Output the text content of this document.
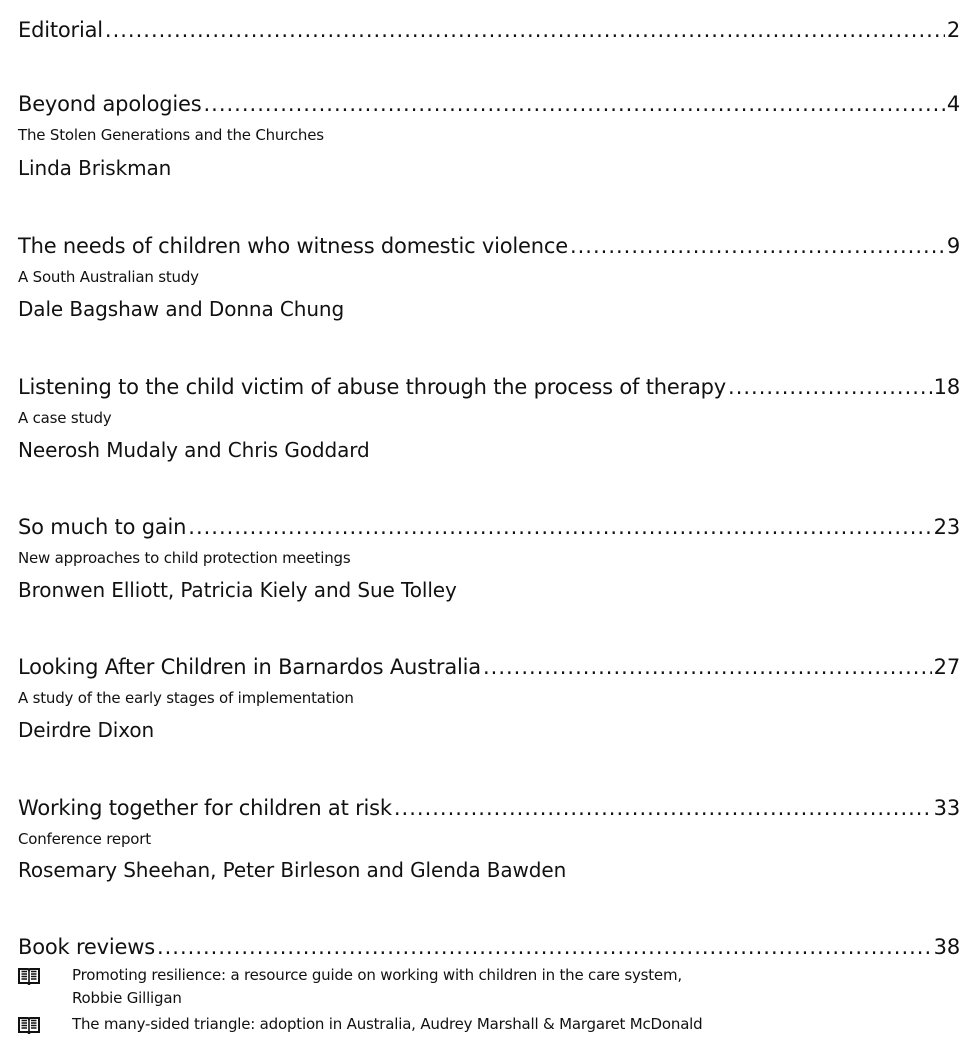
Editorial .....	2
Beyond apologies .....	4
The Stolen Generations and the Churches
Linda Briskman
The needs of children who witness domestic violence .....	9
A South Australian study
Dale Bagshaw and Donna Chung
Listening to the child victim of abuse through the process of therapy .....	18
A case study
Neerosh Mudaly and Chris Goddard
So much to gain .....	23
New approaches to child protection meetings
Bronwen Elliott, Patricia Kiely and Sue Tolley
Looking After Children in Barnardos Australia .....	27
A study of the early stages of implementation
Deirdre Dixon
Working together for children at risk .....	33
Conference report
Rosemary Sheehan, Peter Birleson and Glenda Bawden
Book reviews .....	38
Promoting resilience: a resource guide on working with children in the care system,
Robbie Gilligan
The many-sided triangle: adoption in Australia, Audrey Marshall & Margaret McDonald
